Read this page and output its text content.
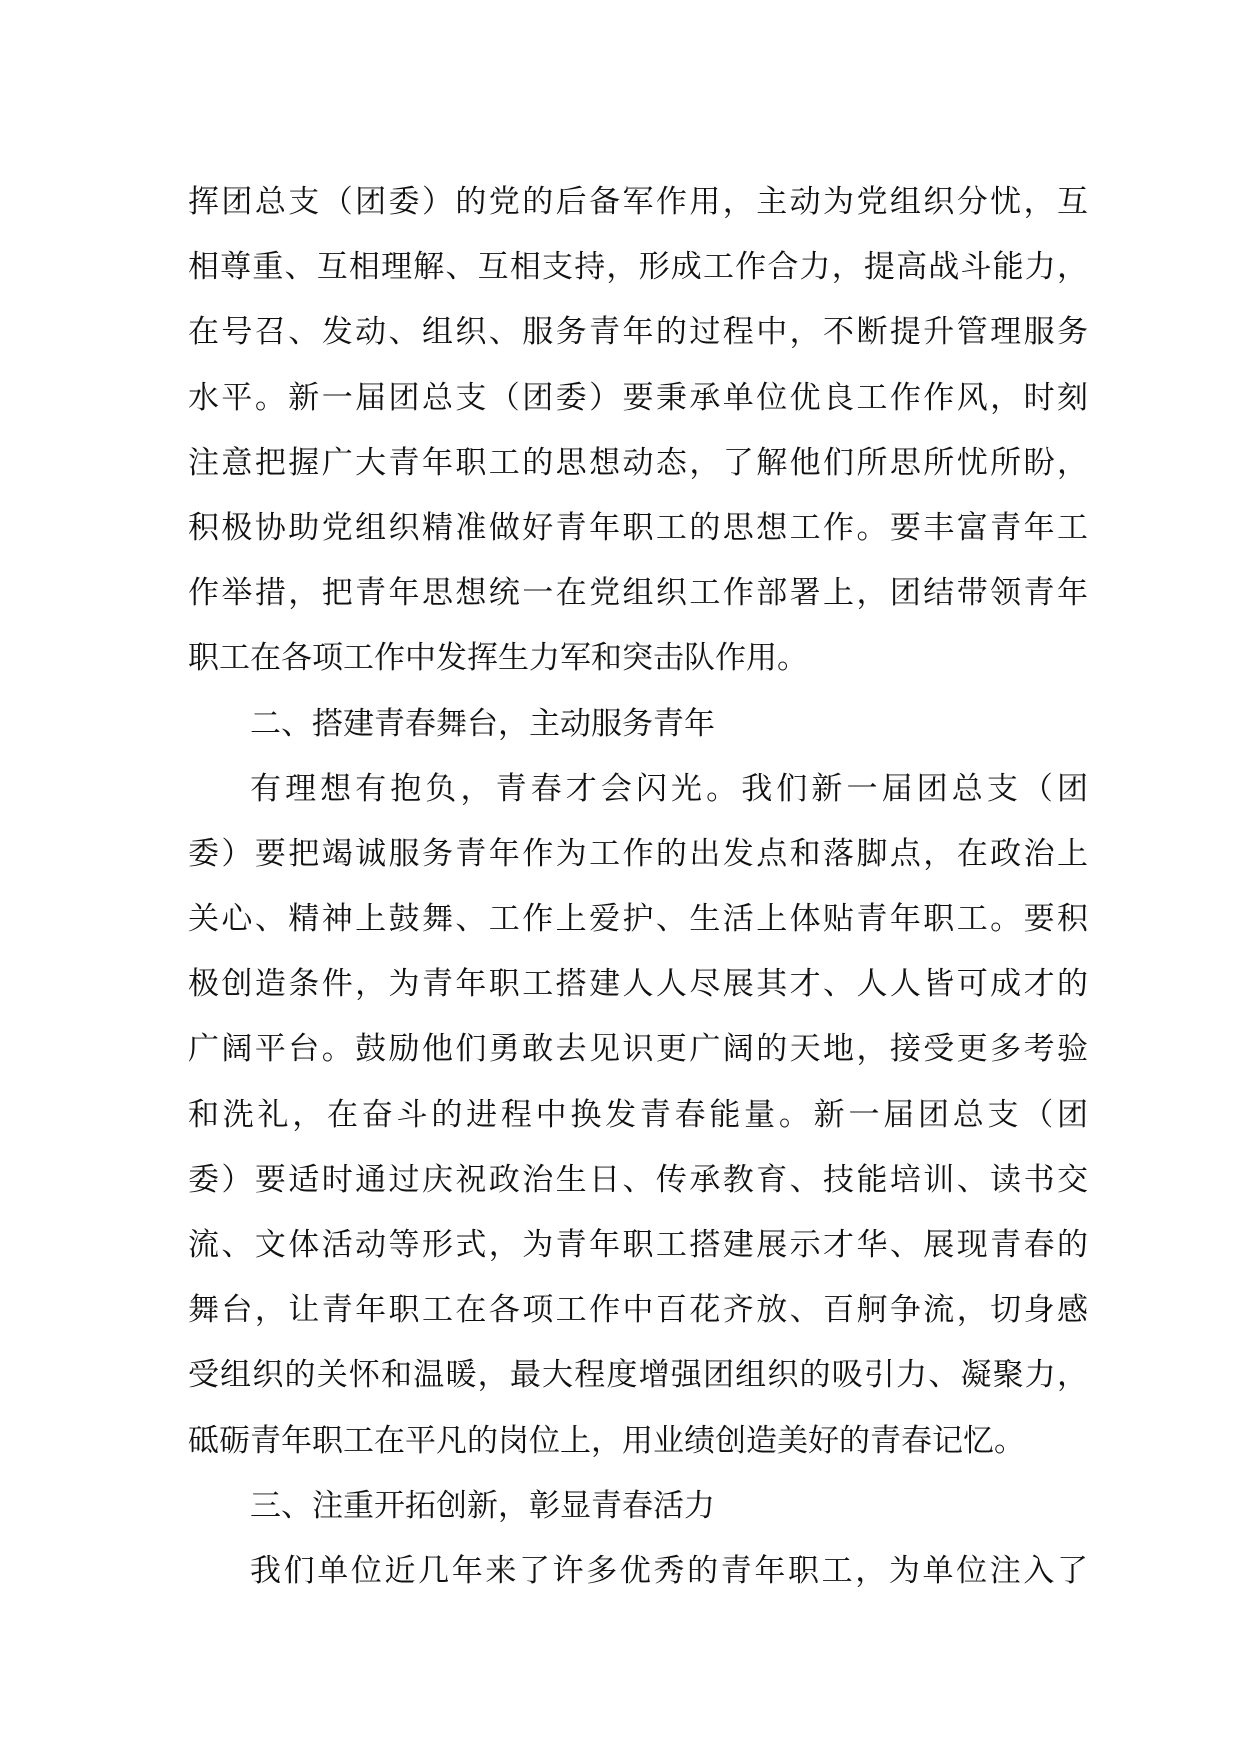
挥团总支（团委）的党的后备军作用，主动为党组织分忧，互
相尊重、互相理解、互相支持，形成工作合力，提高战斗能力，
在号召、发动、组织、服务青年的过程中，不断提升管理服务
水平。新一届团总支（团委）要秉承单位优良工作作风，时刻
注意把握广大青年职工的思想动态，了解他们所思所忧所盼，
积极协助党组织精准做好青年职工的思想工作。要丰富青年工
作举措，把青年思想统一在党组织工作部署上，团结带领青年
职工在各项工作中发挥生力军和突击队作用。
二、搭建青春舞台，主动服务青年
有理想有抱负，青春才会闪光。我们新一届团总支（团
委）要把竭诚服务青年作为工作的出发点和落脚点，在政治上
关心、精神上鼓舞、工作上爱护、生活上体贴青年职工。要积
极创造条件，为青年职工搭建人人尽展其才、人人皆可成才的
广阔平台。鼓励他们勇敢去见识更广阔的天地，接受更多考验
和洗礼，在奋斗的进程中换发青春能量。新一届团总支（团
委）要适时通过庆祝政治生日、传承教育、技能培训、读书交
流、文体活动等形式，为青年职工搭建展示才华、展现青春的
舞台，让青年职工在各项工作中百花齐放、百舸争流，切身感
受组织的关怀和温暖，最大程度增强团组织的吸引力、凝聚力，
砥砺青年职工在平凡的岗位上，用业绩创造美好的青春记忆。
三、注重开拓创新，彰显青春活力
我们单位近几年来了许多优秀的青年职工，为单位注入了
